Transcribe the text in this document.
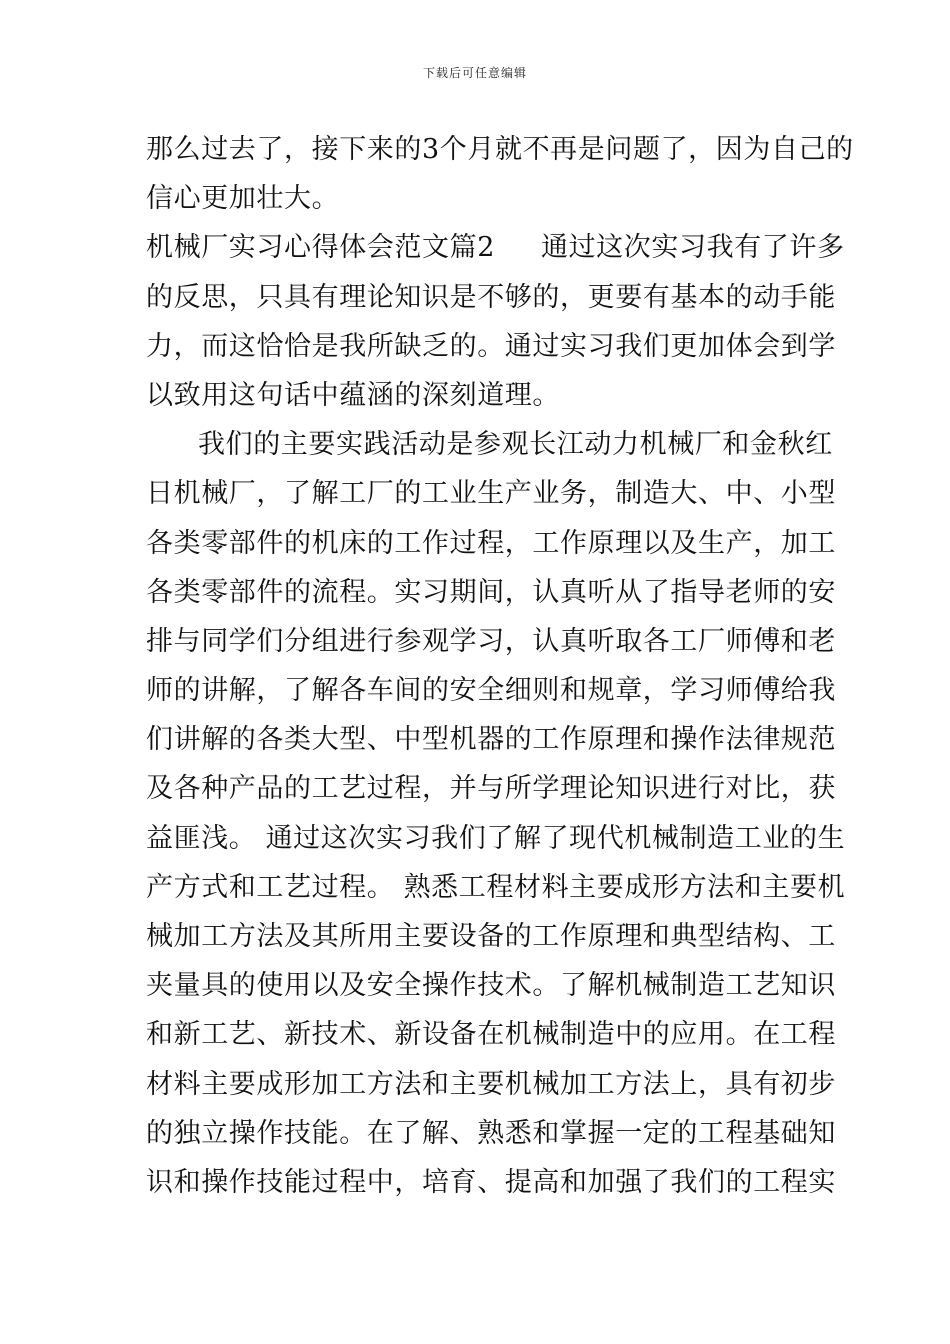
下载后可任意编辑
那么过去了，接下来的3个月就不再是问题了，因为自己的
信心更加壮大。
机械厂实习心得体会范文篇2 通过这次实习我有了许多
的反思，只具有理论知识是不够的，更要有基本的动手能
力，而这恰恰是我所缺乏的。通过实习我们更加体会到学
以致用这句话中蕴涵的深刻道理。
我们的主要实践活动是参观长江动力机械厂和金秋红
日机械厂，了解工厂的工业生产业务，制造大、中、小型
各类零部件的机床的工作过程，工作原理以及生产，加工
各类零部件的流程。实习期间，认真听从了指导老师的安
排与同学们分组进行参观学习，认真听取各工厂师傅和老
师的讲解，了解各车间的安全细则和规章，学习师傅给我
们讲解的各类大型、中型机器的工作原理和操作法律规范
及各种产品的工艺过程，并与所学理论知识进行对比，获
益匪浅。 通过这次实习我们了解了现代机械制造工业的生
产方式和工艺过程。 熟悉工程材料主要成形方法和主要机
械加工方法及其所用主要设备的工作原理和典型结构、工
夹量具的使用以及安全操作技术。了解机械制造工艺知识
和新工艺、新技术、新设备在机械制造中的应用。在工程
材料主要成形加工方法和主要机械加工方法上，具有初步
的独立操作技能。在了解、熟悉和掌握一定的工程基础知
识和操作技能过程中，培育、提高和加强了我们的工程实
